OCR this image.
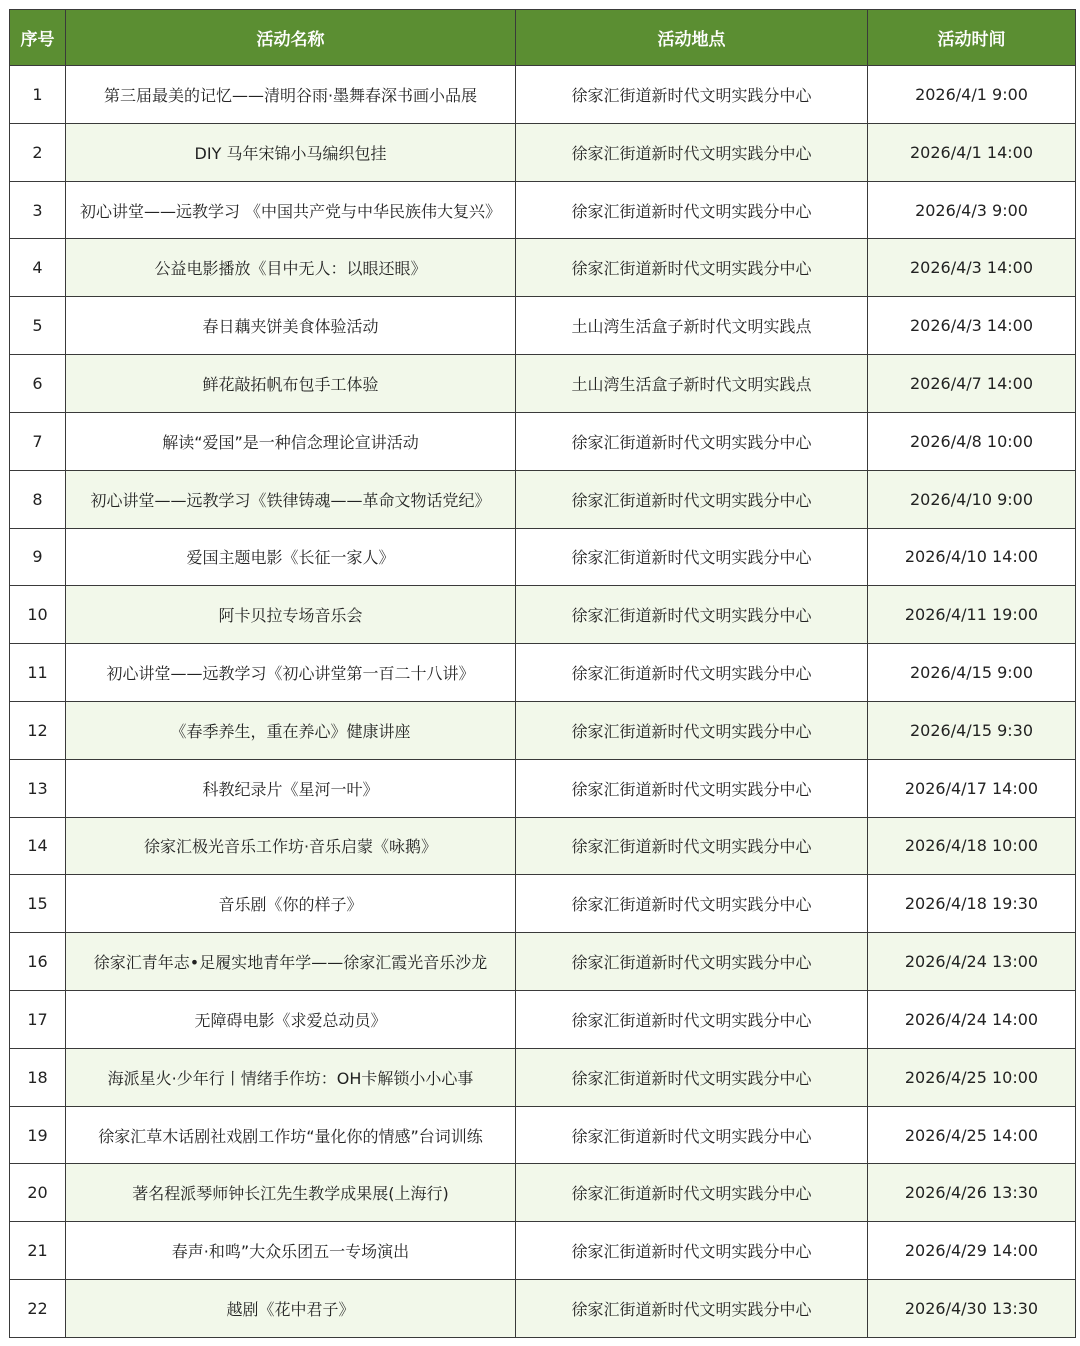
序号	活动名称	活动地点	活动时间
1	第三届最美的记忆——清明谷雨·墨舞春深书画小品展	徐家汇街道新时代文明实践分中心	2026/4/1 9:00
2	DIY 马年宋锦小马编织包挂	徐家汇街道新时代文明实践分中心	2026/4/1 14:00
3	初心讲堂——远教学习 《中国共产党与中华民族伟大复兴》	徐家汇街道新时代文明实践分中心	2026/4/3 9:00
4	公益电影播放《目中无人：以眼还眼》	徐家汇街道新时代文明实践分中心	2026/4/3 14:00
5	春日藕夹饼美食体验活动	土山湾生活盒子新时代文明实践点	2026/4/3 14:00
6	鲜花敲拓帆布包手工体验	土山湾生活盒子新时代文明实践点	2026/4/7 14:00
7	解读“爱国”是一种信念理论宣讲活动	徐家汇街道新时代文明实践分中心	2026/4/8 10:00
8	初心讲堂——远教学习《铁律铸魂——革命文物话党纪》	徐家汇街道新时代文明实践分中心	2026/4/10 9:00
9	爱国主题电影《长征一家人》	徐家汇街道新时代文明实践分中心	2026/4/10 14:00
10	阿卡贝拉专场音乐会	徐家汇街道新时代文明实践分中心	2026/4/11 19:00
11	初心讲堂——远教学习《初心讲堂第一百二十八讲》	徐家汇街道新时代文明实践分中心	2026/4/15 9:00
12	《春季养生，重在养心》健康讲座	徐家汇街道新时代文明实践分中心	2026/4/15 9:30
13	科教纪录片《星河一叶》	徐家汇街道新时代文明实践分中心	2026/4/17 14:00
14	徐家汇极光音乐工作坊·音乐启蒙《咏鹅》	徐家汇街道新时代文明实践分中心	2026/4/18 10:00
15	音乐剧《你的样子》	徐家汇街道新时代文明实践分中心	2026/4/18 19:30
16	徐家汇青年志•足履实地青年学——徐家汇霞光音乐沙龙	徐家汇街道新时代文明实践分中心	2026/4/24 13:00
17	无障碍电影《求爱总动员》	徐家汇街道新时代文明实践分中心	2026/4/24 14:00
18	海派星火·少年行丨情绪手作坊：OH卡解锁小小心事	徐家汇街道新时代文明实践分中心	2026/4/25 10:00
19	徐家汇草木话剧社戏剧工作坊“量化你的情感”台词训练	徐家汇街道新时代文明实践分中心	2026/4/25 14:00
20	著名程派琴师钟长江先生教学成果展(上海行)	徐家汇街道新时代文明实践分中心	2026/4/26 13:30
21	春声·和鸣”大众乐团五一专场演出	徐家汇街道新时代文明实践分中心	2026/4/29 14:00
22	越剧《花中君子》	徐家汇街道新时代文明实践分中心	2026/4/30 13:30
